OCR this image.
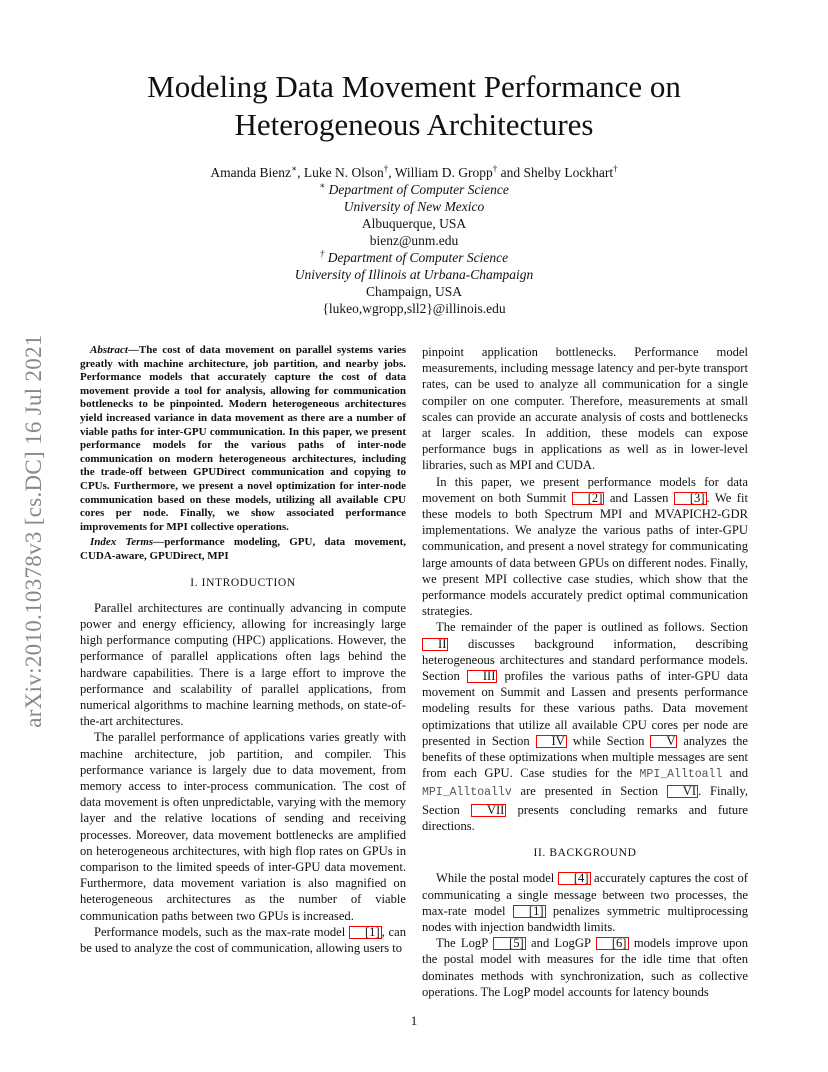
Modeling Data Movement Performance on
Heterogeneous Architectures
Amanda Bienz∗, Luke N. Olson†, William D. Gropp† and Shelby Lockhart†
∗ Department of Computer Science
University of New Mexico
Albuquerque, USA
bienz@unm.edu
† Department of Computer Science
University of Illinois at Urbana-Champaign
Champaign, USA
{lukeo,wgropp,sll2}@illinois.edu
arXiv:2010.10378v3 [cs.DC] 16 Jul 2021	Abstract—The cost of data movement on parallel systems varies greatly with machine architecture, job partition, and nearby jobs. Performance models that accurately capture the cost of data movement provide a tool for analysis, allowing for communication bottlenecks to be pinpointed. Modern heterogeneous architectures yield increased variance in data movement as there are a number of viable paths for inter-GPU communication. In this paper, we present performance models for the various paths of inter-node communication on modern heterogeneous architectures, including the trade-off between GPUDirect communication and copying to CPUs. Furthermore, we present a novel optimization for inter-node communication based on these models, utilizing all available CPU cores per node. Finally, we show associated performance improvements for MPI collective operations.

Index Terms—performance modeling, GPU, data movement, CUDA-aware, GPUDirect, MPI

I. INTRODUCTION

Parallel architectures are continually advancing in compute power and energy efficiency, allowing for increasingly large high performance computing (HPC) applications. However, the performance of parallel applications often lags behind the hardware capabilities. There is a large effort to improve the performance and scalability of parallel applications, from numerical algorithms to machine learning methods, on state-of-the-art architectures.

The parallel performance of applications varies greatly with machine architecture, job partition, and compiler. This performance variance is largely due to data movement, from memory access to inter-process communication. The cost of data movement is often unpredictable, varying with the memory layer and the relative locations of sending and receiving processes. Moreover, data movement bottlenecks are amplified on heterogeneous architectures, with high flop rates on GPUs in comparison to the limited speeds of inter-GPU data movement. Furthermore, data movement variation is also magnified on heterogeneous architectures as the number of viable communication paths between two GPUs is increased.

Performance models, such as the max-rate model [1] , can be used to analyze the cost of communication, allowing users to

pinpoint application bottlenecks. Performance model measurements, including message latency and per-byte transport rates, can be used to analyze all communication for a single compiler on one computer. Therefore, measurements at small scales can provide an accurate analysis of costs and bottlenecks at larger scales. In addition, these models can expose performance bugs in applications as well as in lower-level libraries, such as MPI and CUDA.

In this paper, we present performance models for data movement on both Summit [2] and Lassen [3] . We fit these models to both Spectrum MPI and MVAPICH2-GDR implementations. We analyze the various paths of inter-GPU communication, and present a novel strategy for communicating large amounts of data between GPUs on different nodes. Finally, we present MPI collective case studies, which show that the performance models accurately predict optimal communication strategies.

The remainder of the paper is outlined as follows. Section II discusses background information, describing heterogeneous architectures and standard performance models. Section III profiles the various paths of inter-GPU data movement on Summit and Lassen and presents performance modeling results for these various paths. Data movement optimizations that utilize all available CPU cores per node are presented in Section IV while Section V analyzes the benefits of these optimizations when multiple messages are sent from each GPU. Case studies for the MPI_Alltoall and MPI_Alltoallv are presented in Section VI . Finally, Section VII presents concluding remarks and future directions.

II. BACKGROUND

While the postal model [4] accurately captures the cost of communicating a single message between two processes, the max-rate model [1] penalizes symmetric multiprocessing nodes with injection bandwidth limits.

The LogP [5] and LogGP [6] models improve upon the postal model with measures for the idle time that often dominates methods with synchronization, such as collective operations. The LogP model accounts for latency bounds

1
